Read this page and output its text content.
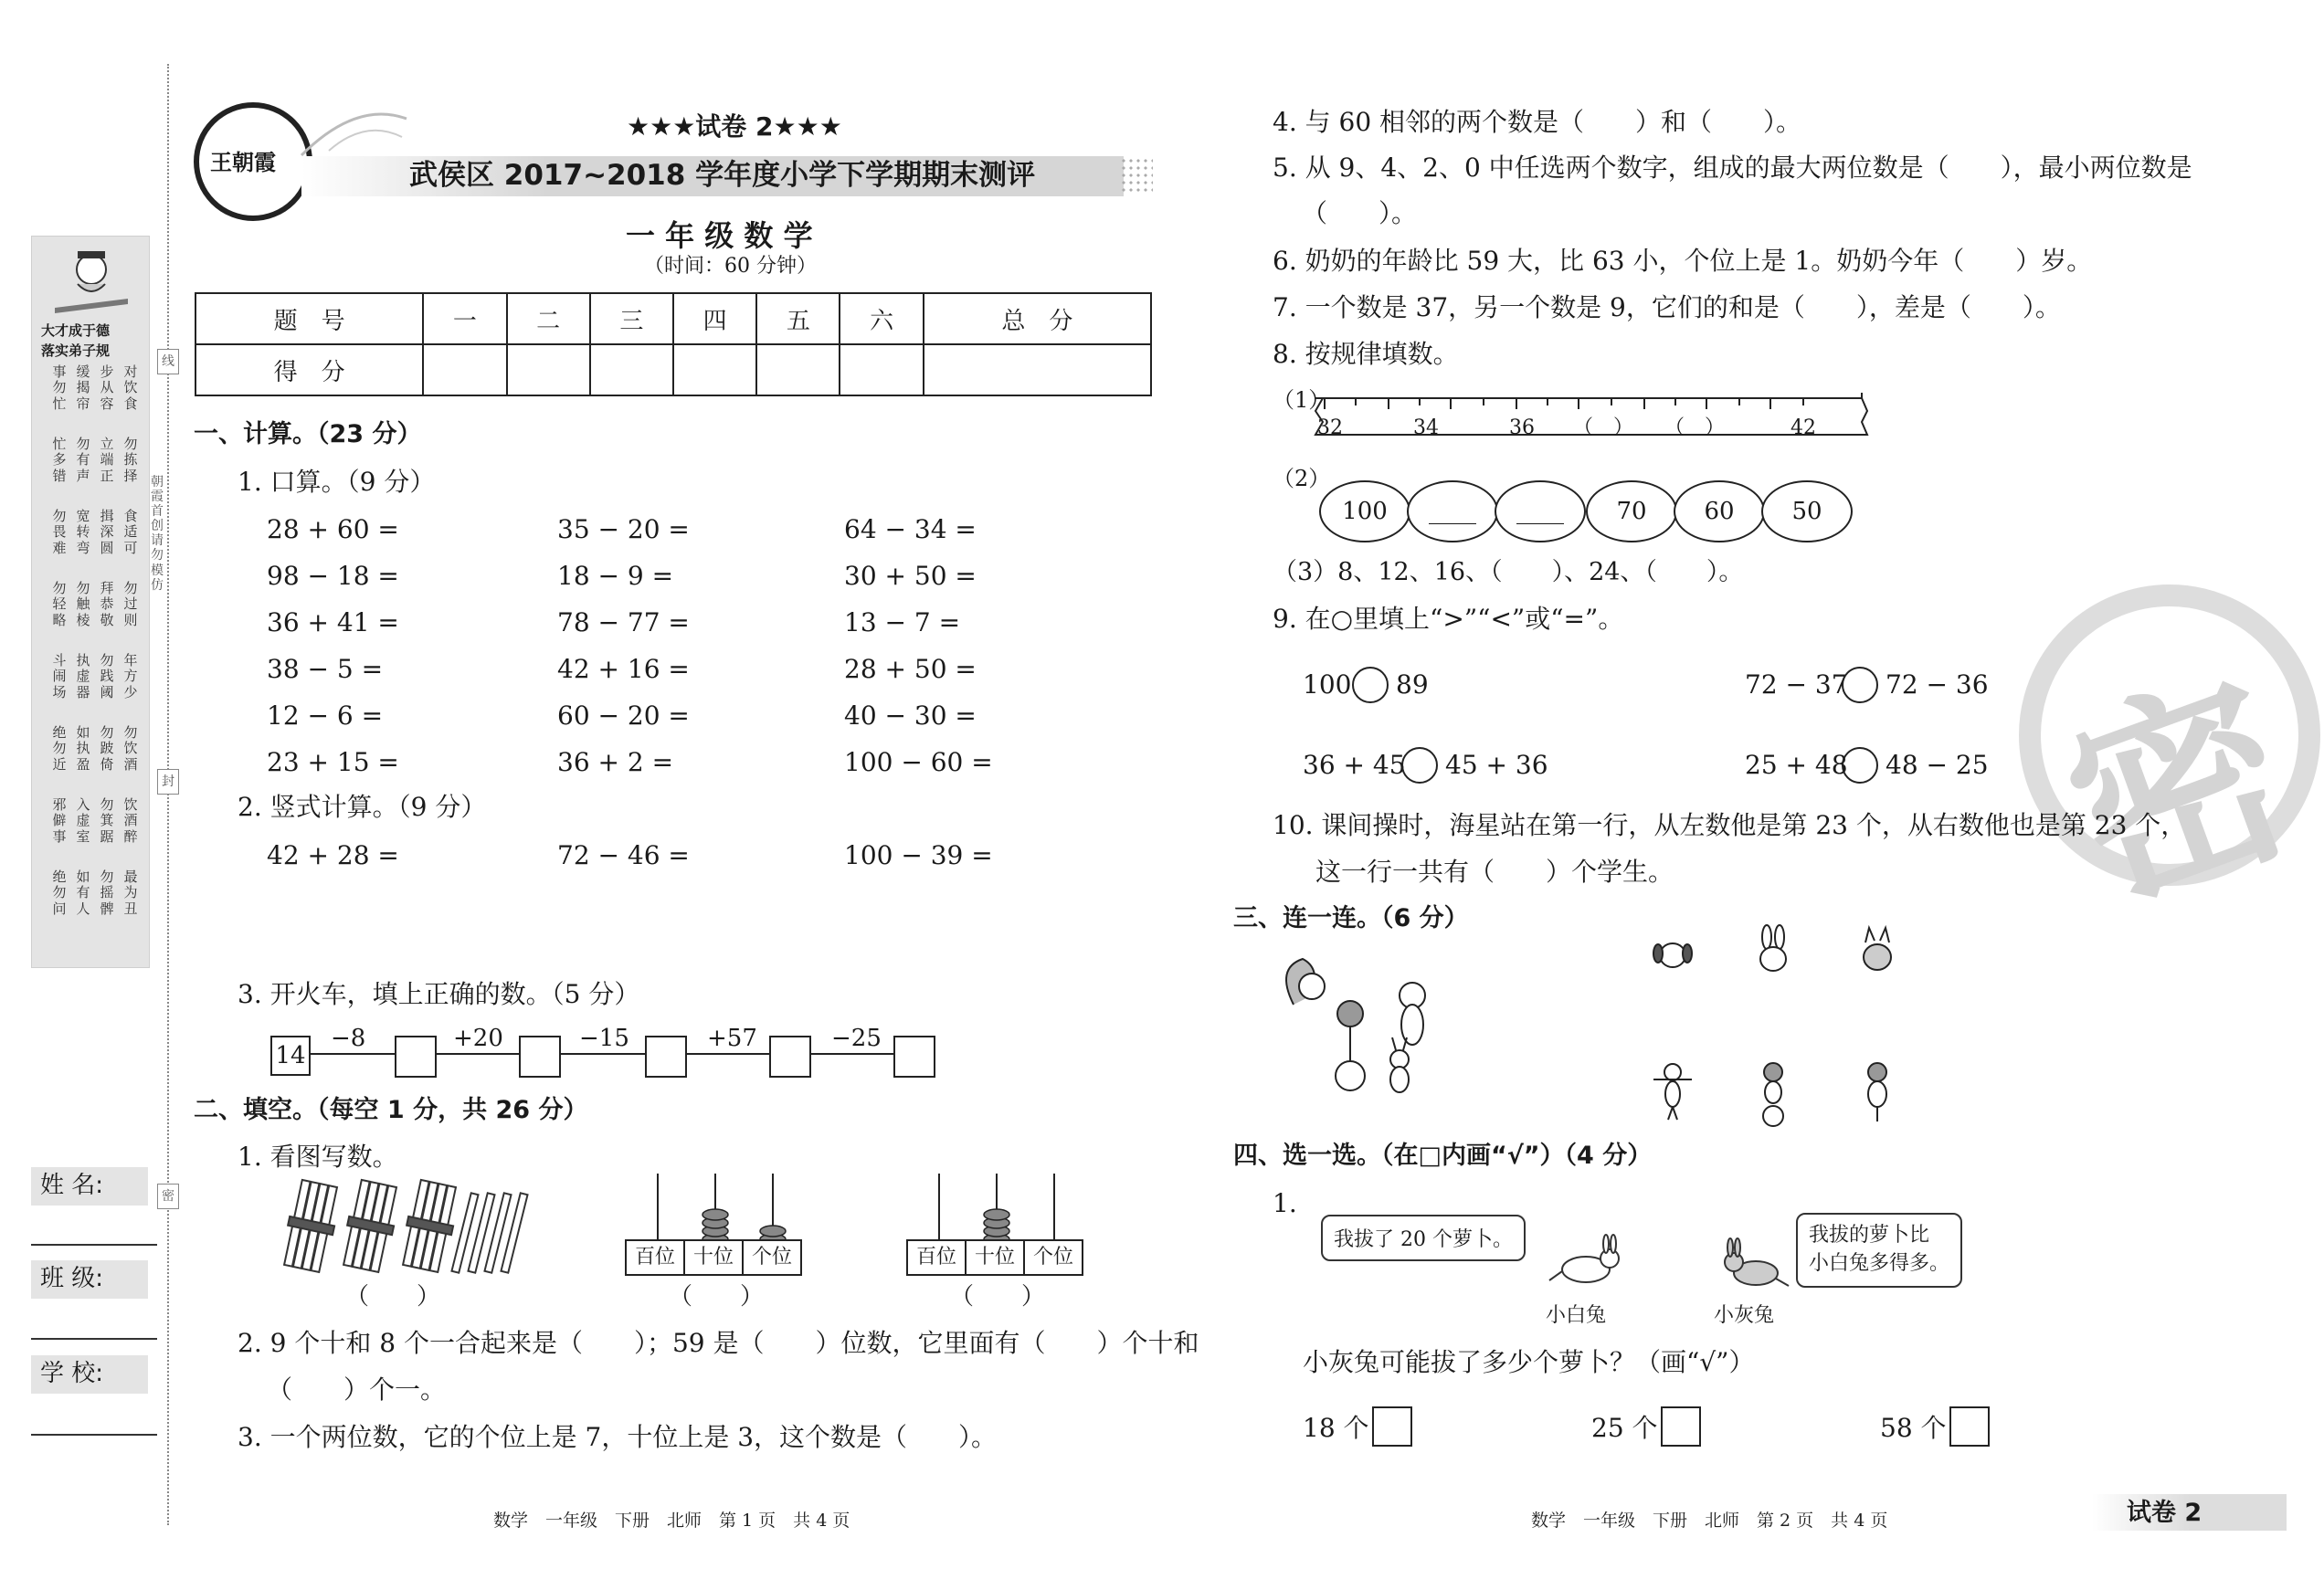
王朝霞
★★★试卷 2★★★
武侯区 2017~2018 学年度小学下学期期末测评
一 年 级 数 学
（时间：60 分钟）
题　号	一	二	三	四	五	六	总　分
得　分							
一、计算。（23 分）
1. 口算。（9 分）
28 + 60 =	35 − 20 =	64 − 34 =
98 − 18 =	18 − 9 =	30 + 50 =
36 + 41 =	78 − 77 =	13 − 7 =
38 − 5 =	42 + 16 =	28 + 50 =
12 − 6 =	60 − 20 =	40 − 30 =
23 + 15 =	36 + 2 =	100 − 60 =
2. 竖式计算。（9 分）
42 + 28 =	72 − 46 =	100 − 39 =
3. 开火车，填上正确的数。（5 分）
14
−8	+20	−15	+57	−25
二、填空。（每空 1 分，共 26 分）
1. 看图写数。
（　　）
百位 十位 个位
（　　）
百位 十位 个位
（　　）
2. 9 个十和 8 个一合起来是（　　）；59 是（　　）位数，它里面有（　　）个十和
（　　）个一。
3. 一个两位数，它的个位上是 7，十位上是 3，这个数是（　　）。
大才成于德
落实弟子规
对饮食
步从容
缓揭帘
事勿忙
勿拣择
立端正
勿有声
忙多错
食适可
揖深圆
宽转弯
勿畏难
勿过则
拜恭敬
勿触棱
勿轻略
年方少
勿践阈
执虚器
斗闹场
勿饮酒
勿跛倚
如执盈
绝勿近
饮酒醉
勿箕踞
入虚室
邪僻事
最为丑
勿摇髀
如有人
绝勿问
线
朝霞首创 请勿模仿
封
密
姓 名:
班 级:
学 校:
数学　一年级　下册　北师　第 1 页　共 4 页
密
4. 与 60 相邻的两个数是（　　）和（　　）。
5. 从 9、4、2、0 中任选两个数字，组成的最大两位数是（　　），最小两位数是
（　　）。
6. 奶奶的年龄比 59 大，比 63 小，个位上是 1。奶奶今年（　　）岁。
7. 一个数是 37，另一个数是 9，它们的和是（　　），差是（　　）。
8. 按规律填数。
（1）
32	34	36 （　） （　）	42
（2）
100	____	____	70	60	50
（3）8、12、16、（　　）、24、（　　）。
9. 在○里填上“>”“<”或“=”。
100 89	72 − 37 72 − 36
36 + 45 45 + 36	25 + 48 48 − 25
10. 课间操时，海星站在第一行，从左数他是第 23 个，从右数他也是第 23 个，
这一行一共有（　　）个学生。
三、连一连。（6 分）
四、选一选。（在□内画“√”）（4 分）
1.
我拔了 20 个萝卜。
小白兔
我拔的萝卜比
小白兔多得多。
小灰兔
小灰兔可能拔了多少个萝卜？（画“√”）
18 个	25 个	58 个
数学　一年级　下册　北师　第 2 页　共 4 页	试卷 2
